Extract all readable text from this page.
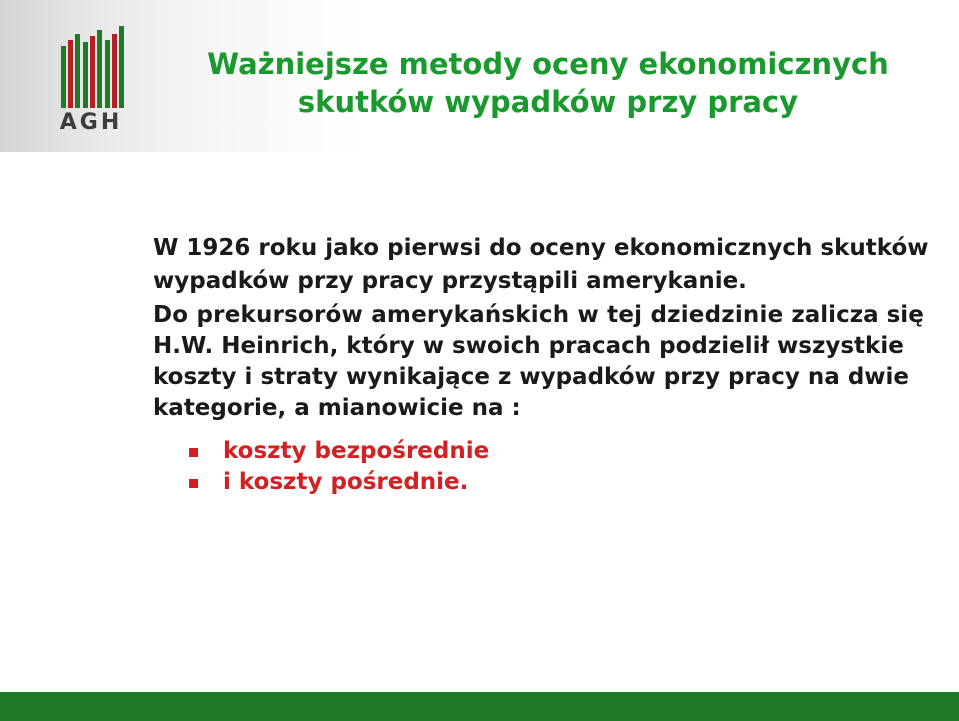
AGH
Ważniejsze metody oceny ekonomicznych
skutków wypadków przy pracy
W 1926 roku jako pierwsi do oceny ekonomicznych skutków wypadków przy pracy przystąpili amerykanie.
Do prekursorów amerykańskich w tej dziedzinie zalicza się H.W. Heinrich, który w swoich pracach podzielił wszystkie koszty i straty wynikające z wypadków przy pracy na dwie kategorie, a mianowicie na :
koszty bezpośrednie
i koszty pośrednie.
